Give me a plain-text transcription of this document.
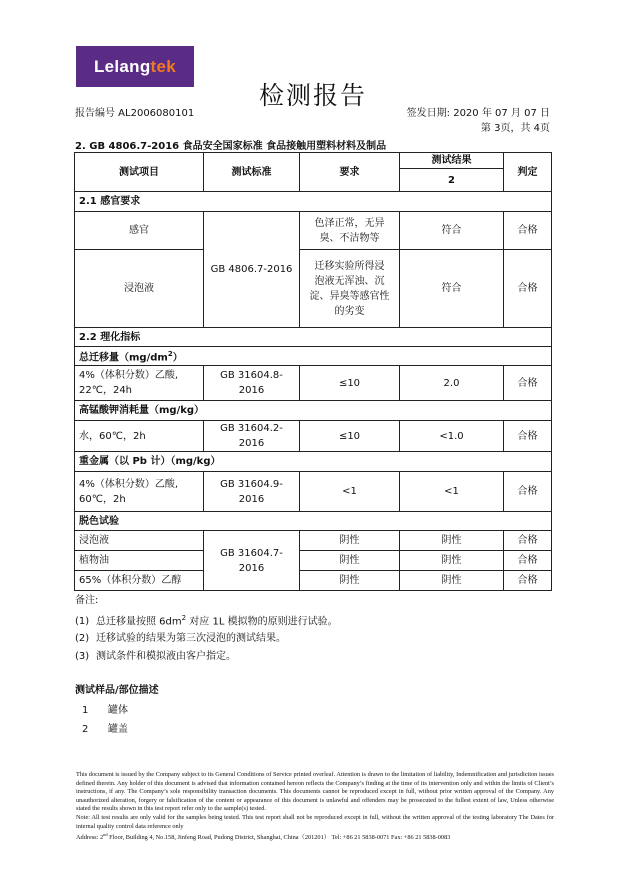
Lelang tek
检测报告
报告编号 AL2006080101	签发日期: 2020 年 07 月 07 日
第 3页，共 4页
2. GB 4806.7-2016 食品安全国家标准 食品接触用塑料材料及制品
测试项目	测试标准	要求	测试结果	判定
			2	
2.1 感官要求				
感官	GB 4806.7-2016	色泽正常，无异
臭、不洁物等	符合	合格
浸泡液		迁移实验所得浸
泡液无浑浊、沉
淀、异臭等感官性
的劣变	符合	合格
2.2 理化指标				
总迁移量$(mg/dm^2)$				

4%（体积分数）乙酸,
22℃，24h	GB 31604.8-2016	≤10	2.0	合格
高锰酸钾消耗量（mg/kg）				
水，60℃，2h	GB 31604.2-2016	≤10	<1.0	合格
重金属（以 Pb 计）（mg/kg）				

4%（体积分数）乙酸,
60℃，2h	GB 31604.9-2016	<1	<1	合格
脱色试验				
浸泡液	GB 31604.7-2016	阴性	阴性	合格
植物油		阴性	阴性	合格
65%（体积分数）乙醇		阴性	阴性	合格
备注:
(1) 总迁移量按照 $6dm^2$ 对应 1L 模拟物的原则进行试验。
(2) 迁移试验的结果为第三次浸泡的测试结果。
(3) 测试条件和模拟液由客户指定。
测试样品/部位描述
1 罐体
2 罐盖
This document is issued by the Company subject to its General Conditions of Service printed overleaf. Attention is drawn to the limitation of liability, Indemnification and jurisdiction issues defined therein. Any holder of this document is advised that information contained hereon reflects the Company’s finding at the time of its intervention only and within the limits of Client’s instructions, if any. The Company’s sole responsibility transaction documents. This documents cannot be reproduced except in full, without prior written approval of the Company. Any unauthorized alteration, forgery or falsification of the content or appearance of this document is unlawful and offenders may be prosecuted to the fullest extent of law, Unless otherwise stated the results shown in this test report refer only to the sample(s) tested.
Note: All test results are only valid for the samples being tested. This test report shall not be reproduced except in full, without the written approval of the testing laboratory The Dates for internal quality control data reference only
Address: 2nd Floor, Building 4, No.158, Jinfeng Road, Pudong District, Shanghai, China（201201） Tel: +86 21 5838-0071 Fax: +86 21 5838-0083
